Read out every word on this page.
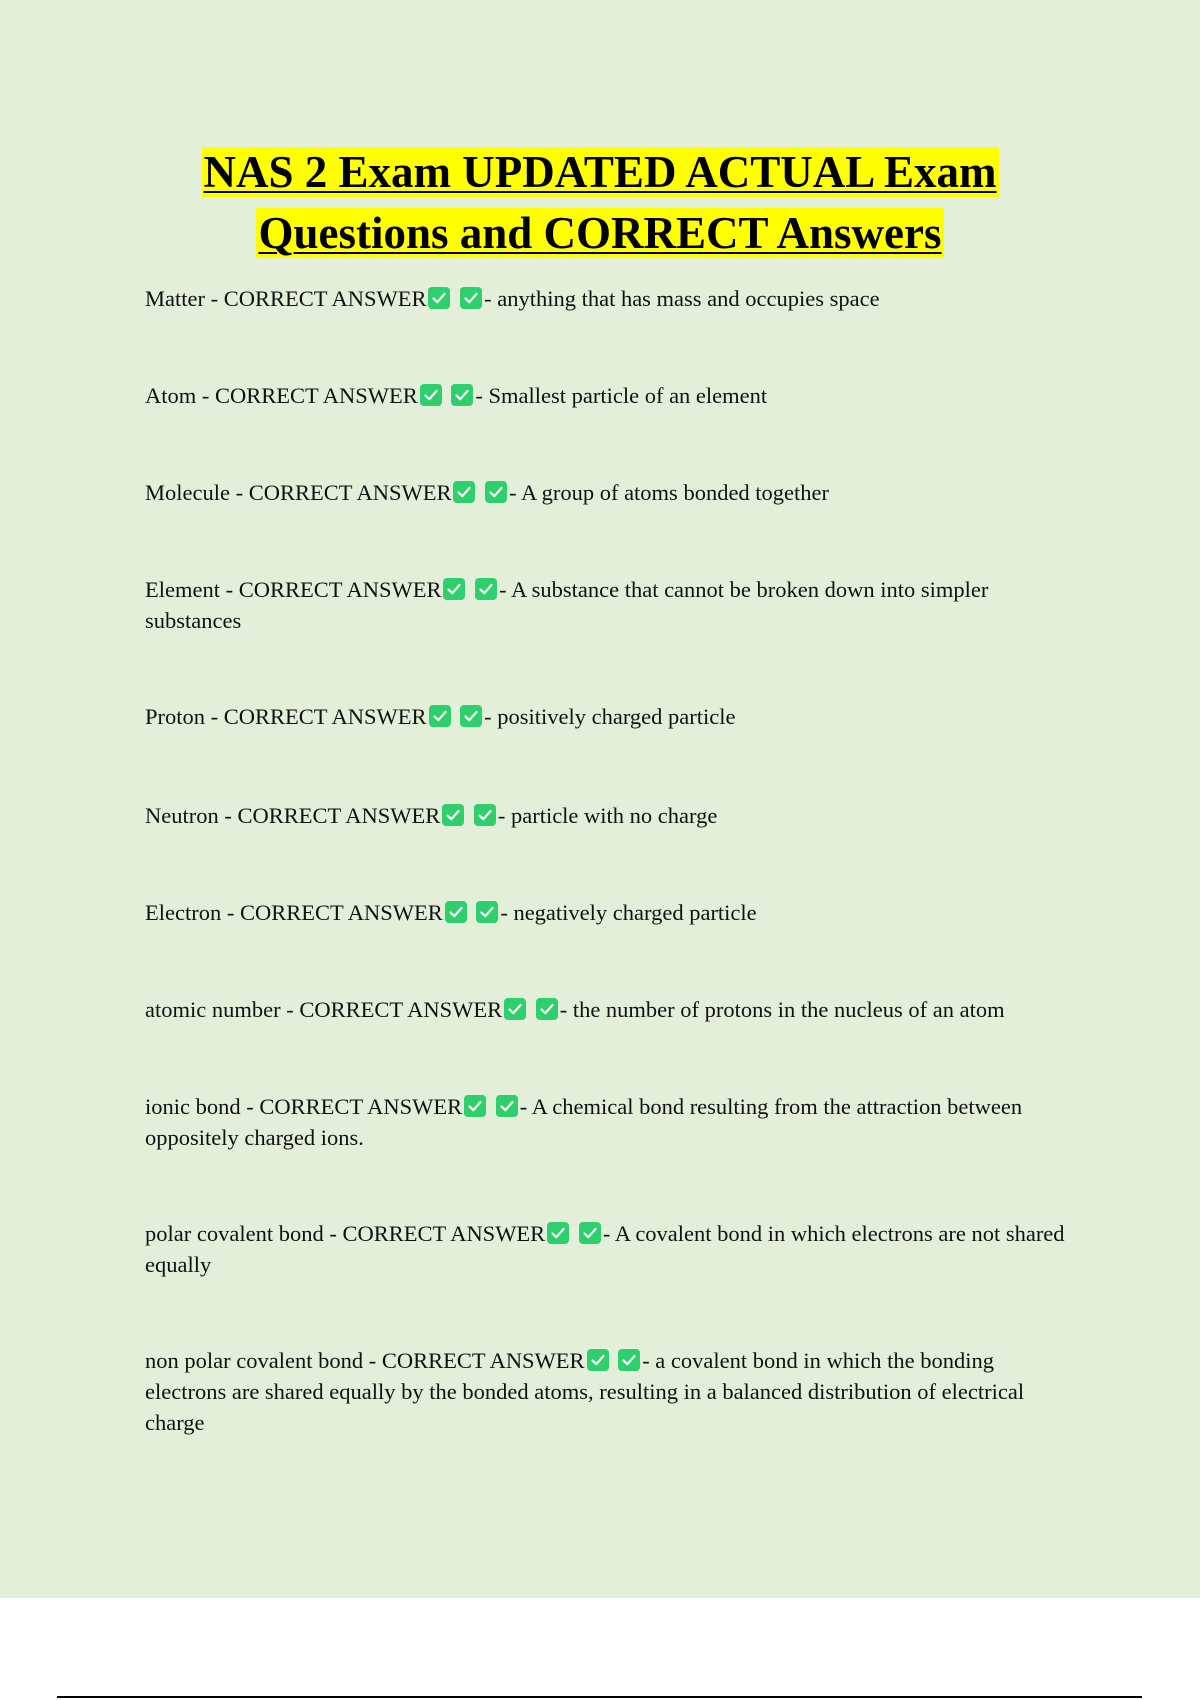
NAS 2 Exam UPDATED ACTUAL Exam
Questions and CORRECT Answers

Matter - CORRECT ANSWER
	- anything that has mass and occupies space

Atom - CORRECT ANSWER
	- Smallest particle of an element

Molecule - CORRECT ANSWER
	- A group of atoms bonded together

Element - CORRECT ANSWER
	- A substance that cannot be broken down into simpler substances

Proton - CORRECT ANSWER
	- positively charged particle

Neutron - CORRECT ANSWER
	- particle with no charge

Electron - CORRECT ANSWER
	- negatively charged particle

atomic number - CORRECT ANSWER
	- the number of protons in the nucleus of an atom

ionic bond - CORRECT ANSWER
	- A chemical bond resulting from the attraction between oppositely charged ions.

polar covalent bond - CORRECT ANSWER
	- A covalent bond in which electrons are not shared equally

non polar covalent bond - CORRECT ANSWER
	- a covalent bond in which the bonding electrons are shared equally by the bonded atoms, resulting in a balanced distribution of electrical charge
